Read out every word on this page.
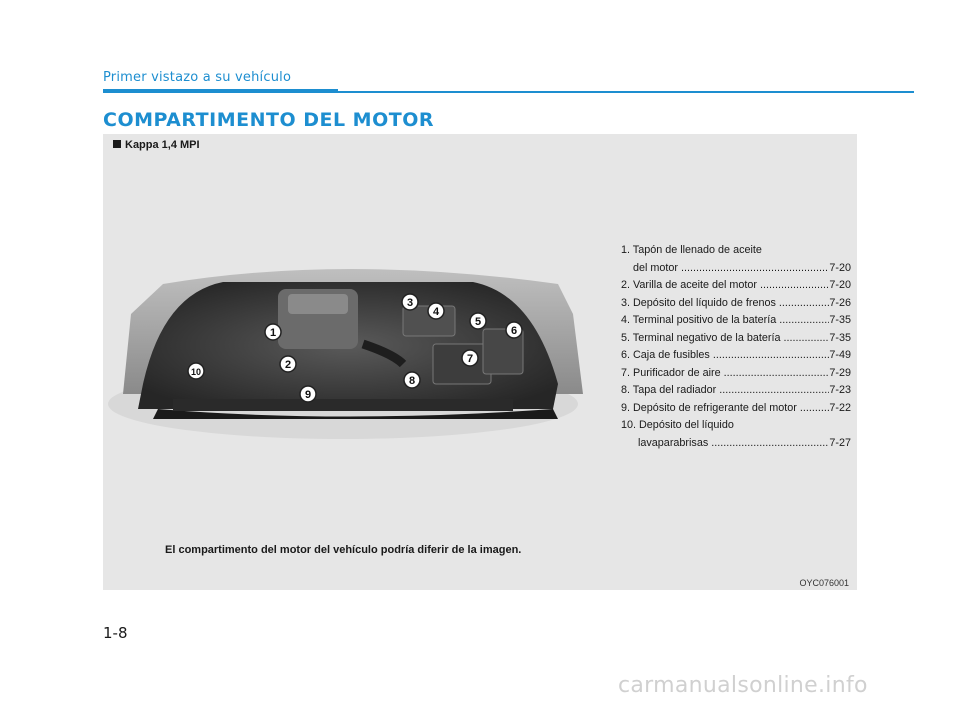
Primer vistazo a su vehículo
COMPARTIMENTO DEL MOTOR
Kappa 1,4 MPI
1
2
3
4
5
6
7
8
9
10
1. Tapón de llenado de aceite
del motor .....	7-20
2. Varilla de aceite del motor .....	7-20
3. Depósito del líquido de frenos .....	7-26
4. Terminal positivo de la batería .....	7-35
5. Terminal negativo de la batería .....	7-35
6. Caja de fusibles .....	7-49
7. Purificador de aire .....	7-29
8. Tapa del radiador .....	7-23
9. Depósito de refrigerante del motor .....	7-22
10. Depósito del líquido
lavaparabrisas .....	7-27
El compartimento del motor del vehículo podría diferir de la imagen.
OYC076001
1-8
carmanualsonline.info
